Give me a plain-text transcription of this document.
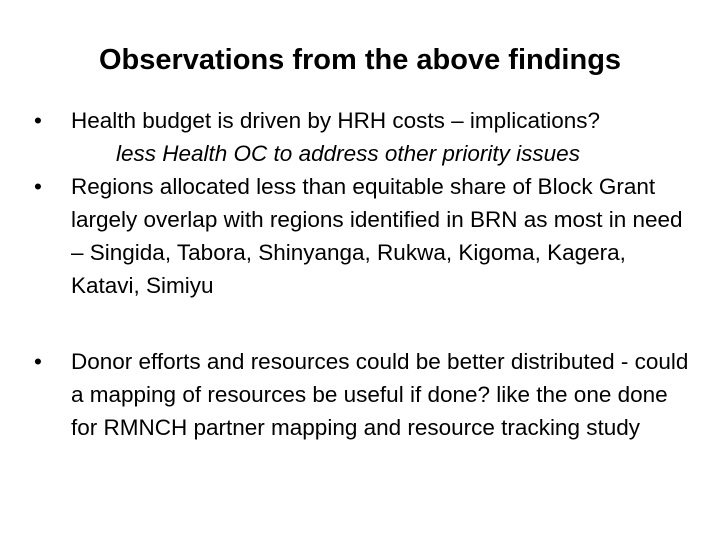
Observations from the above findings
•	Health budget is driven by HRH costs – implications?
less Health OC to address other priority issues
•	Regions allocated less than equitable share of Block Grant largely overlap with regions identified in BRN as most in need – Singida, Tabora, Shinyanga, Rukwa, Kigoma, Kagera, Katavi, Simiyu
•	Donor efforts and resources could be better distributed - could a mapping of resources be useful if done? like the one done for RMNCH partner mapping and resource tracking study
